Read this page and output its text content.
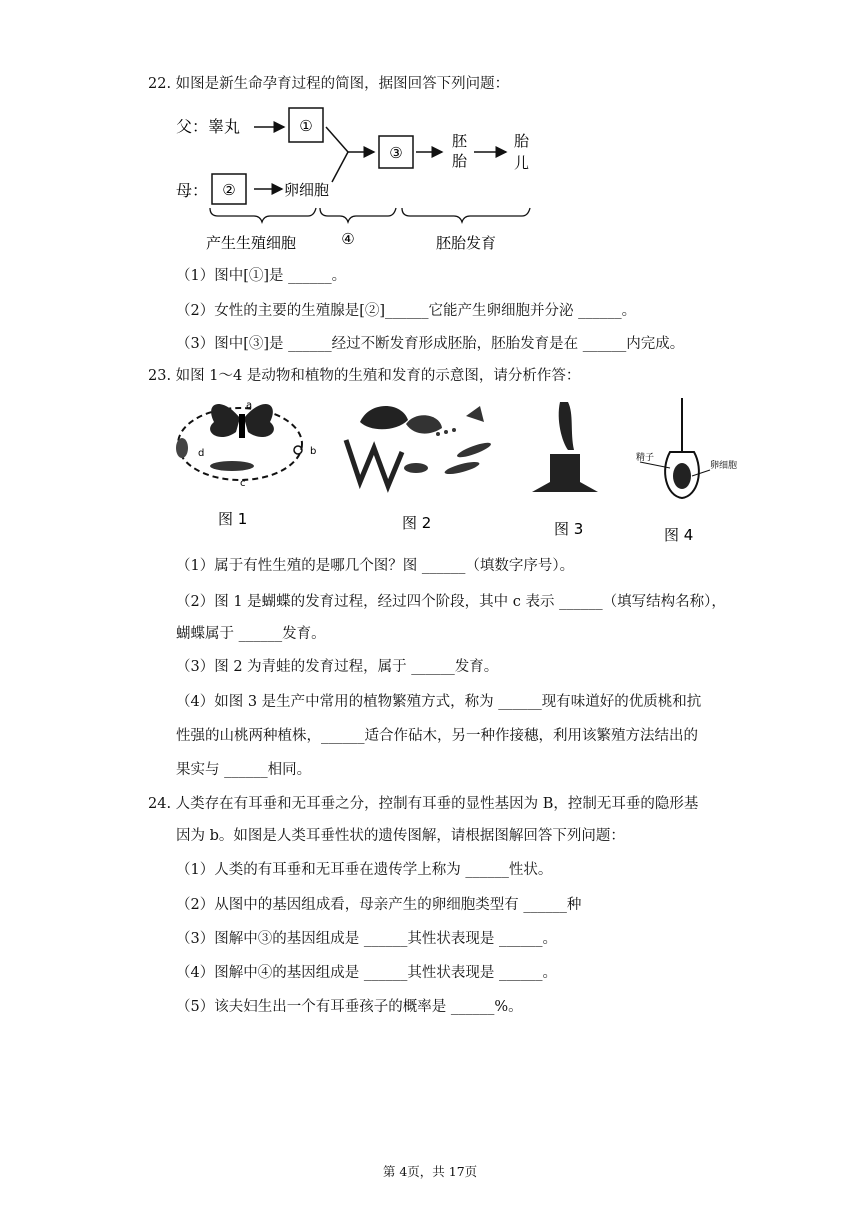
22. 如图是新生命孕育过程的简图，据图回答下列问题：
父：睾丸	①
母： ②	卵细胞
③
胚
胎
胎
儿
产生生殖细胞	④	胚胎发育
（1）图中[①]是 ______。
（2）女性的主要的生殖腺是[②]______它能产生卵细胞并分泌 ______。
（3）图中[③]是 ______经过不断发育形成胚胎，胚胎发育是在 ______内完成。
23. 如图 1～4 是动物和植物的生殖和发育的示意图，请分析作答：
a
b
c
d
图 1	图 2	图 3
精子
卵细胞
图 4
（1）属于有性生殖的是哪几个图？图 ______（填数字序号）。
（2）图 1 是蝴蝶的发育过程，经过四个阶段，其中 c 表示 ______（填写结构名称），
蝴蝶属于 ______发育。
（3）图 2 为青蛙的发育过程，属于 ______发育。
（4）如图 3 是生产中常用的植物繁殖方式，称为 ______现有味道好的优质桃和抗
性强的山桃两种植株，______适合作砧木，另一种作接穗，利用该繁殖方法结出的
果实与 ______相同。
24. 人类存在有耳垂和无耳垂之分，控制有耳垂的显性基因为 B，控制无耳垂的隐形基
因为 b。如图是人类耳垂性状的遗传图解，请根据图解回答下列问题：
（1）人类的有耳垂和无耳垂在遗传学上称为 ______性状。
（2）从图中的基因组成看，母亲产生的卵细胞类型有 ______种
（3）图解中③的基因组成是 ______其性状表现是 ______。
（4）图解中④的基因组成是 ______其性状表现是 ______。
（5）该夫妇生出一个有耳垂孩子的概率是 ______%。
第 4页，共 17页
